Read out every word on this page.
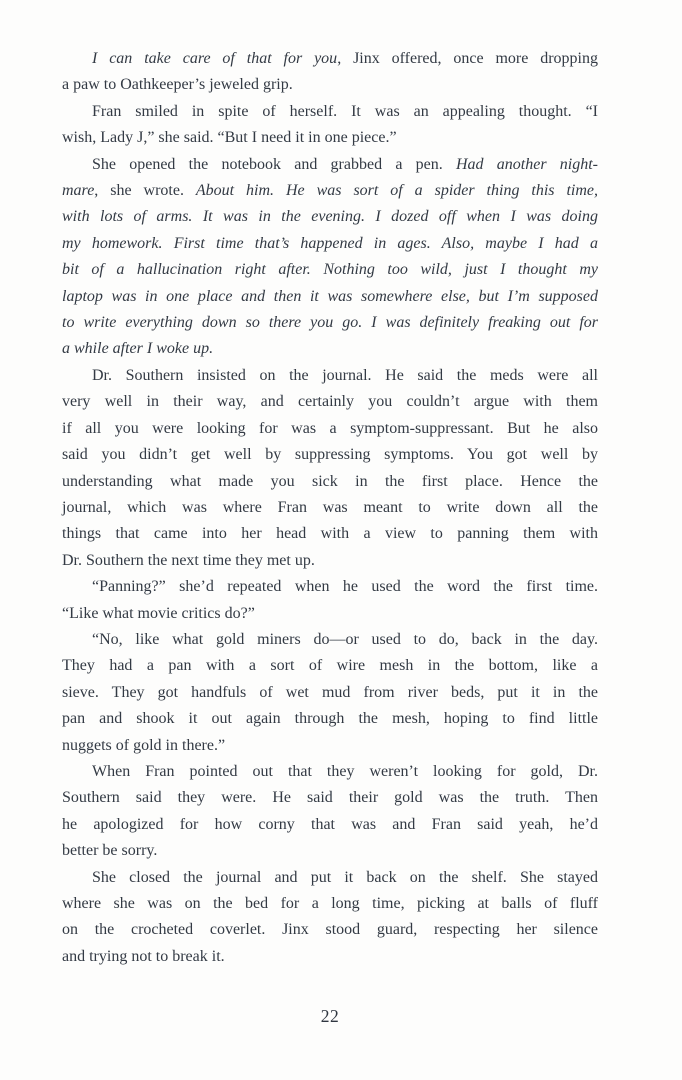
I can take care of that for you, Jinx offered, once more dropping
a paw to Oathkeeper’s jeweled grip.
Fran smiled in spite of herself. It was an appealing thought. “I
wish, Lady J,” she said. “But I need it in one piece.”
She opened the notebook and grabbed a pen. Had another night-
mare, she wrote. About him. He was sort of a spider thing this time,
with lots of arms. It was in the evening. I dozed off when I was doing
my homework. First time that’s happened in ages. Also, maybe I had a
bit of a hallucination right after. Nothing too wild, just I thought my
laptop was in one place and then it was somewhere else, but I’m supposed
to write everything down so there you go. I was definitely freaking out for
a while after I woke up.
Dr. Southern insisted on the journal. He said the meds were all
very well in their way, and certainly you couldn’t argue with them
if all you were looking for was a symptom-suppressant. But he also
said you didn’t get well by suppressing symptoms. You got well by
understanding what made you sick in the first place. Hence the
journal, which was where Fran was meant to write down all the
things that came into her head with a view to panning them with
Dr. Southern the next time they met up.
“Panning?” she’d repeated when he used the word the first time.
“Like what movie critics do?”
“No, like what gold miners do—or used to do, back in the day.
They had a pan with a sort of wire mesh in the bottom, like a
sieve. They got handfuls of wet mud from river beds, put it in the
pan and shook it out again through the mesh, hoping to find little
nuggets of gold in there.”
When Fran pointed out that they weren’t looking for gold, Dr.
Southern said they were. He said their gold was the truth. Then
he apologized for how corny that was and Fran said yeah, he’d
better be sorry.
She closed the journal and put it back on the shelf. She stayed
where she was on the bed for a long time, picking at balls of fluff
on the crocheted coverlet. Jinx stood guard, respecting her silence
and trying not to break it.
22
